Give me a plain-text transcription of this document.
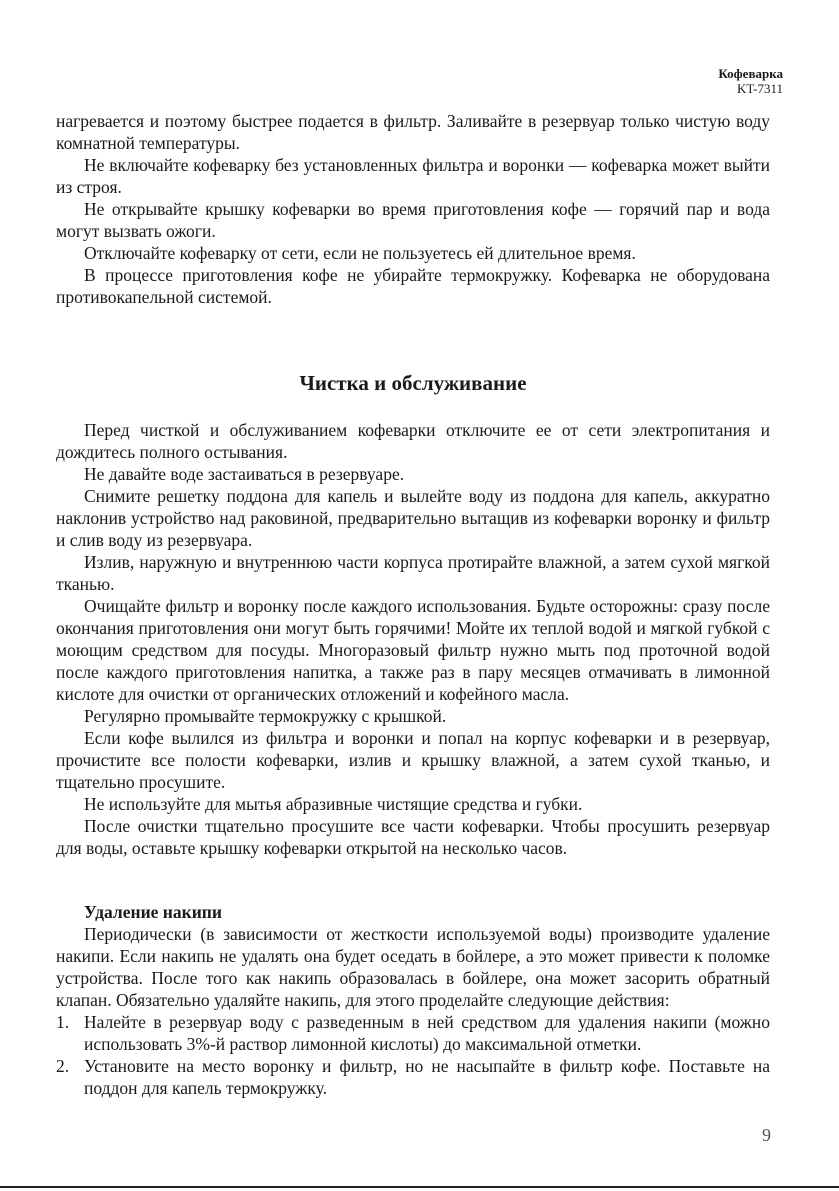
Кофеварка
KT-7311

нагревается и поэтому быстрее подается в фильтр. Заливайте в резервуар только чистую воду комнатной температуры.

Не включайте кофеварку без установленных фильтра и воронки — кофеварка может выйти из строя.

Не открывайте крышку кофеварки во время приготовления кофе — горячий пар и вода могут вызвать ожоги.

Отключайте кофеварку от сети, если не пользуетесь ей длительное время.

В процессе приготовления кофе не убирайте термокружку. Кофеварка не оборудована противокапельной системой.

Чистка и обслуживание

Перед чисткой и обслуживанием кофеварки отключите ее от сети электропитания и дождитесь полного остывания.

Не давайте воде застаиваться в резервуаре.

Снимите решетку поддона для капель и вылейте воду из поддона для капель, аккуратно наклонив устройство над раковиной, предварительно вытащив из кофеварки воронку и фильтр и слив воду из резервуара.

Излив, наружную и внутреннюю части корпуса протирайте влажной, а затем сухой мягкой тканью.

Очищайте фильтр и воронку после каждого использования. Будьте осторожны: сразу после окончания приготовления они могут быть горячими! Мойте их теплой водой и мягкой губкой с моющим средством для посуды. Многоразовый фильтр нужно мыть под проточной водой после каждого приготовления напитка, а также раз в пару месяцев отмачивать в лимонной кислоте для очистки от органических отложений и кофейного масла.

Регулярно промывайте термокружку с крышкой.

Если кофе вылился из фильтра и воронки и попал на корпус кофеварки и в резервуар, прочистите все полости кофеварки, излив и крышку влажной, а затем сухой тканью, и тщательно просушите.

Не используйте для мытья абразивные чистящие средства и губки.

После очистки тщательно просушите все части кофеварки. Чтобы просушить резервуар для воды, оставьте крышку кофеварки открытой на несколько часов.

Удаление накипи

Периодически (в зависимости от жесткости используемой воды) производите удаление накипи. Если накипь не удалять она будет оседать в бойлере, а это может привести к поломке устройства. После того как накипь образовалась в бойлере, она может засорить обратный клапан. Обязательно удаляйте накипь, для этого проделайте следующие действия:

1. Налейте в резервуар воду с разведенным в ней средством для удаления накипи (можно использовать 3%-й раствор лимонной кислоты) до максимальной отметки.
2. Установите на место воронку и фильтр, но не насыпайте в фильтр кофе. Поставьте на поддон для капель термокружку.
9
